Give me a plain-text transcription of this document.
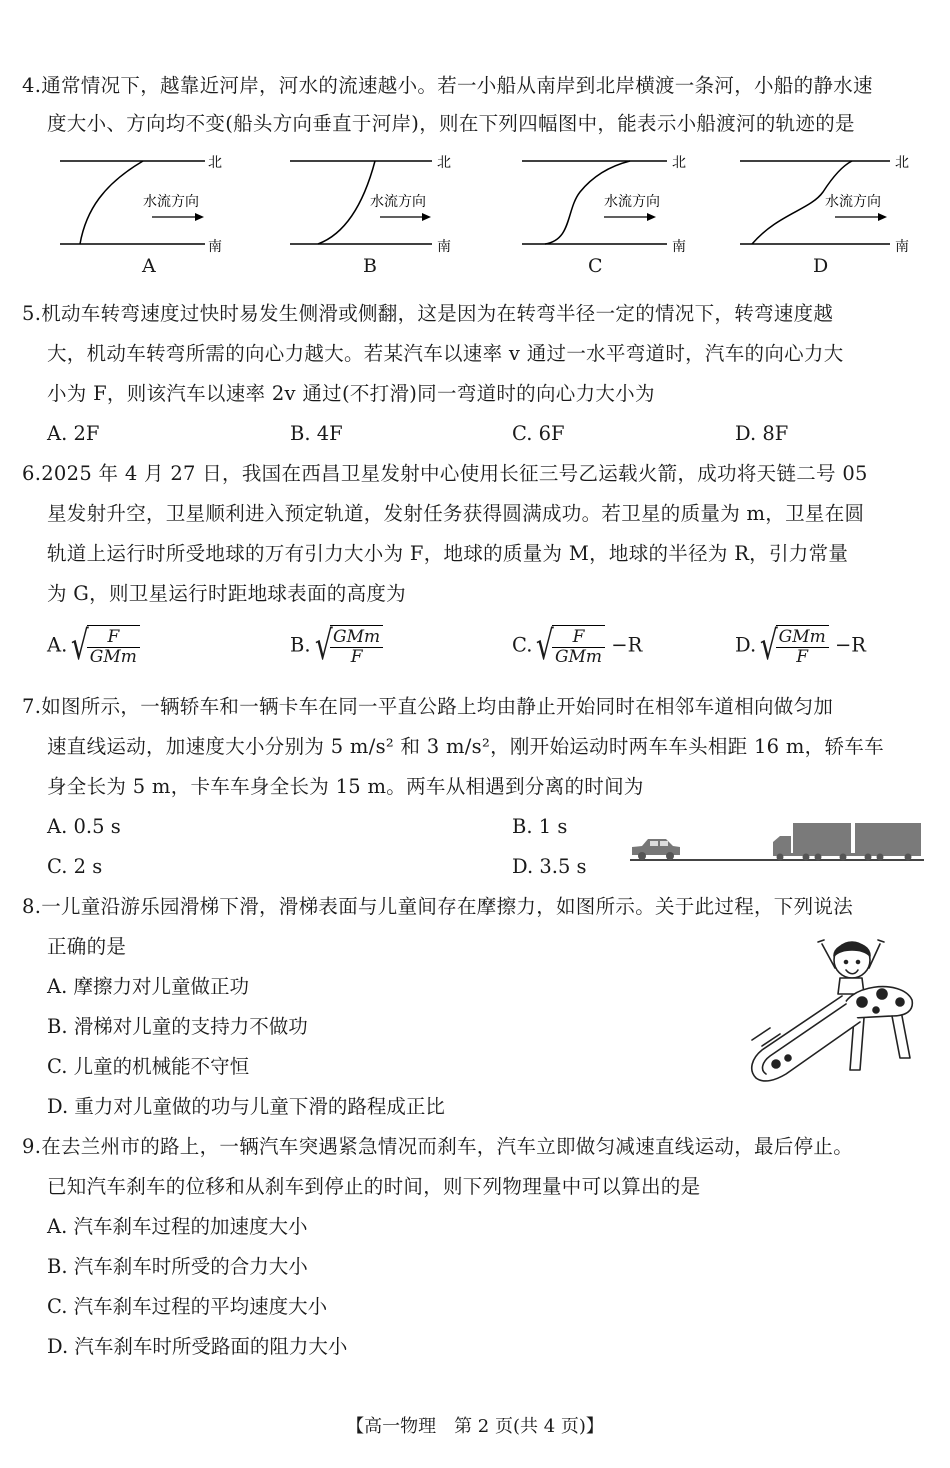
4.通常情况下，越靠近河岸，河水的流速越小。若一小船从南岸到北岸横渡一条河，小船的静水速
度大小、方向均不变(船头方向垂直于河岸)，则在下列四幅图中，能表示小船渡河的轨迹的是
北
南
水流方向
北
南
水流方向
北
南
水流方向
北
南
水流方向
A	B	C	D
5.机动车转弯速度过快时易发生侧滑或侧翻，这是因为在转弯半径一定的情况下，转弯速度越
大，机动车转弯所需的向心力越大。若某汽车以速率 v 通过一水平弯道时，汽车的向心力大
小为 F，则该汽车以速率 2v 通过(不打滑)同一弯道时的向心力大小为
A. 2F	B. 4F	C. 6F	D. 8F
6.2025 年 4 月 27 日，我国在西昌卫星发射中心使用长征三号乙运载火箭，成功将天链二号 05
星发射升空，卫星顺利进入预定轨道，发射任务获得圆满成功。若卫星的质量为 m，卫星在圆
轨道上运行时所受地球的万有引力大小为 F，地球的质量为 M，地球的半径为 R，引力常量
为 G，则卫星运行时距地球表面的高度为
A.√
$\frac{F}{\text{GMm}}$	B.√
$\frac{\text{GMm}}{F}$	C.√
$\frac{F}{\text{GMm}} -R$	D.√
$\frac{\text{GMm}}{F} -R$
7.如图所示，一辆轿车和一辆卡车在同一平直公路上均由静止开始同时在相邻车道相向做匀加
速直线运动，加速度大小分别为 5 m/s² 和 3 m/s²，刚开始运动时两车车头相距 16 m，轿车车
身全长为 5 m，卡车车身全长为 15 m。两车从相遇到分离的时间为
A. 0.5 s	B. 1 s
C. 2 s	D. 3.5 s
8.一儿童沿游乐园滑梯下滑，滑梯表面与儿童间存在摩擦力，如图所示。关于此过程，下列说法
正确的是
A. 摩擦力对儿童做正功
B. 滑梯对儿童的支持力不做功
C. 儿童的机械能不守恒
D. 重力对儿童做的功与儿童下滑的路程成正比
9.在去兰州市的路上，一辆汽车突遇紧急情况而刹车，汽车立即做匀减速直线运动，最后停止。
已知汽车刹车的位移和从刹车到停止的时间，则下列物理量中可以算出的是
A. 汽车刹车过程的加速度大小
B. 汽车刹车时所受的合力大小
C. 汽车刹车过程的平均速度大小
D. 汽车刹车时所受路面的阻力大小
【高一物理　第 2 页(共 4 页)】
